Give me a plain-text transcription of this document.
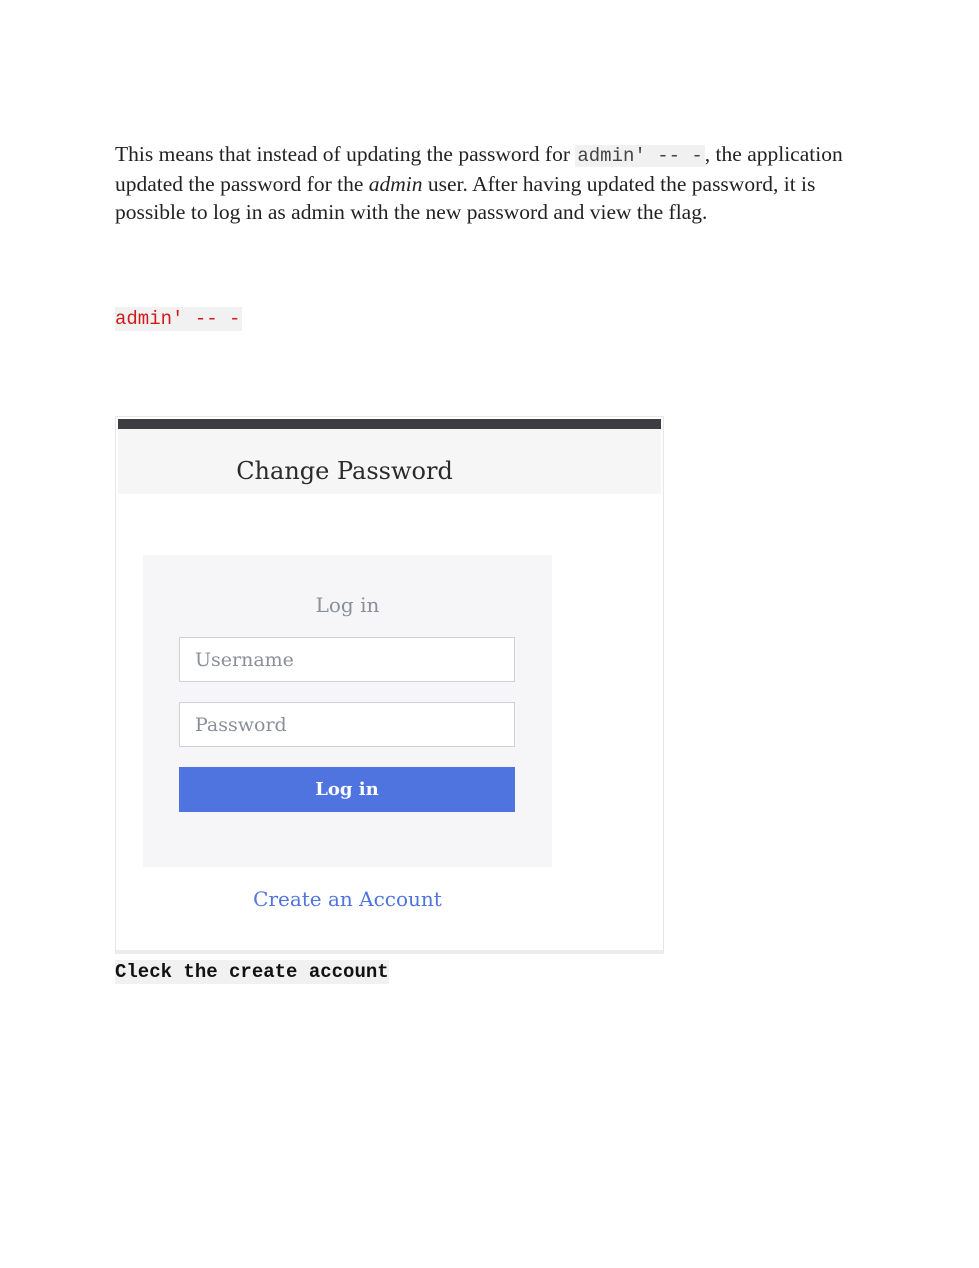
This means that instead of updating the password for admin' -- -, the application updated the password for the admin user. After having updated the password, it is possible to log in as admin with the new password and view the flag.

admin' -- -
Change Password
Log in
Username
Log in
Create an Account
Cleck the create account
